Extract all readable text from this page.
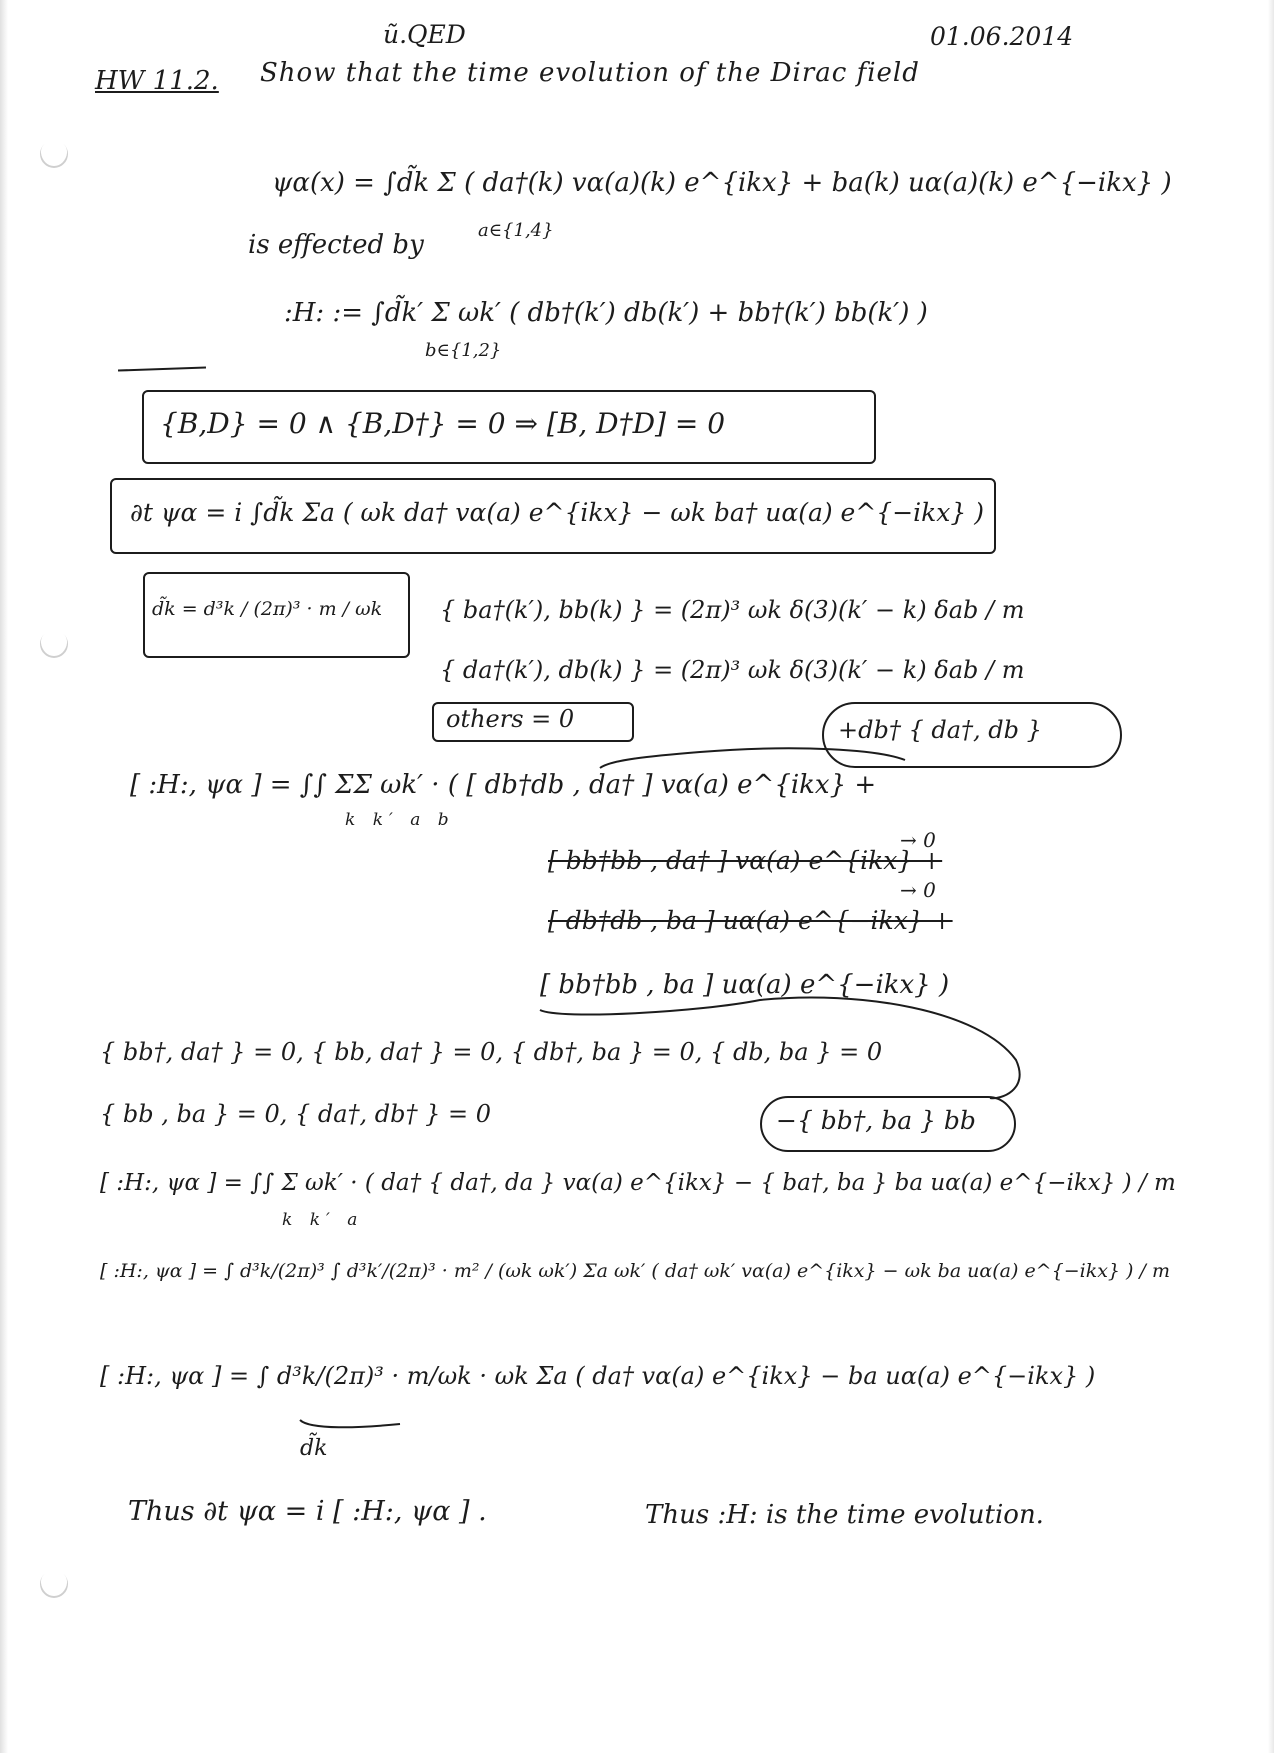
ũ.QED	01.06.2014
HW 11.2. Show that the time evolution of the Dirac field
ψα(x) = ∫d̃k Σ ( da†(k) vα(a)(k) e^{ikx} + ba(k) uα(a)(k) e^{−ikx} )
a∈{1,4}
is effected by
:H: := ∫d̃k′ Σ ωk′ ( db†(k′) db(k′) + bb†(k′) bb(k′) )
b∈{1,2}
{B,D} = 0 ∧ {B,D†} = 0 ⇒ [B, D†D] = 0
∂t ψα = i ∫d̃k Σa ( ωk da† vα(a) e^{ikx} − ωk ba† uα(a) e^{−ikx} )
d̃k = d³k / (2π)³ · m / ωk { ba†(k′), bb(k) } = (2π)³ ωk δ(3)(k′ − k) δab / m
{ da†(k′), db(k) } = (2π)³ ωk δ(3)(k′ − k) δab / m
others = 0	+db† { da†, db }
[ :H:, ψα ] = ∫∫ ΣΣ ωk′ · ( [ db†db , da† ] vα(a) e^{ikx} +
k k′ a b
[ bb†bb , da† ] vα(a) e^{ikx} +
→ 0
[ db†db , ba ] uα(a) e^{−ikx} +
→ 0
[ bb†bb , ba ] uα(a) e^{−ikx} )
{ bb†, da† } = 0, { bb, da† } = 0, { db†, ba } = 0, { db, ba } = 0
{ bb , ba } = 0, { da†, db† } = 0	−{ bb†, ba } bb
[ :H:, ψα ] = ∫∫ Σ ωk′ · ( da† { da†, da } vα(a) e^{ikx} − { ba†, ba } ba uα(a) e^{−ikx} ) / m
k k′ a
[ :H:, ψα ] = ∫ d³k/(2π)³ ∫ d³k′/(2π)³ · m² / (ωk ωk′) Σa ωk′ ( da† ωk′ vα(a) e^{ikx} − ωk ba uα(a) e^{−ikx} ) / m
[ :H:, ψα ] = ∫ d³k/(2π)³ · m/ωk · ωk Σa ( da† vα(a) e^{ikx} − ba uα(a) e^{−ikx} )
d̃k
Thus ∂t ψα = i [ :H:, ψα ] .	Thus :H: is the time evolution.
